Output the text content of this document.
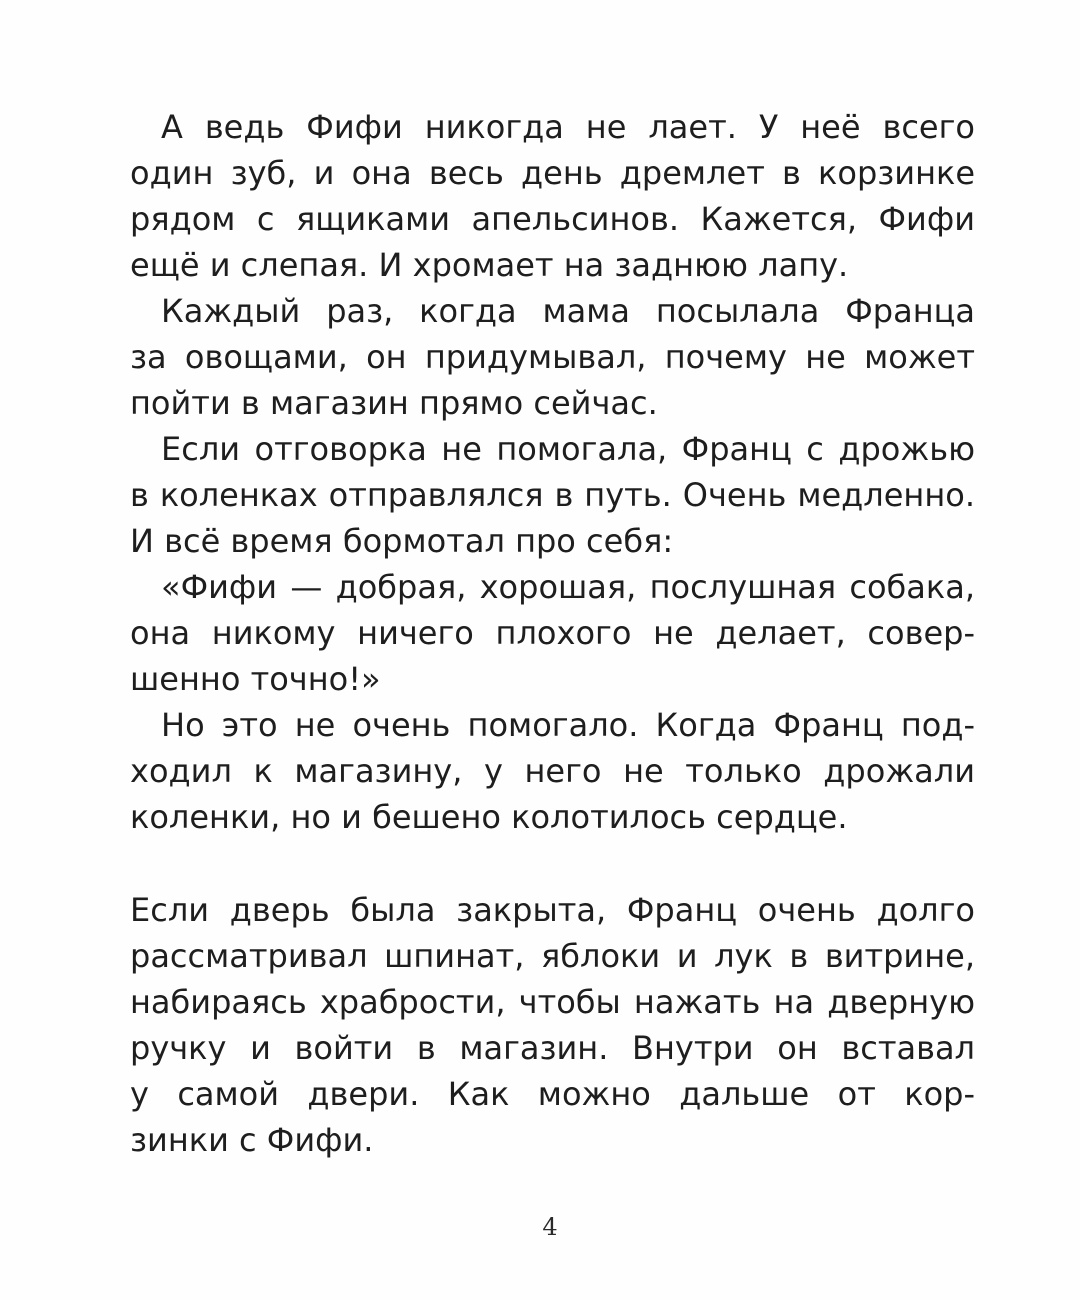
А ведь Фифи никогда не лает. У неё всего
один зуб, и она весь день дремлет в корзинке
рядом с ящиками апельсинов. Кажется, Фифи
ещё и слепая. И хромает на заднюю лапу.
Каждый раз, когда мама посылала Франца
за овощами, он придумывал, почему не может
пойти в магазин прямо сейчас.
Если отговорка не помогала, Франц с дрожью
в коленках отправлялся в путь. Очень медленно.
И всё время бормотал про себя:
«Фифи — добрая, хорошая, послушная собака,
она никому ничего плохого не делает, совер-
шенно точно!»
Но это не очень помогало. Когда Франц под-
ходил к магазину, у него не только дрожали
коленки, но и бешено колотилось сердце.
Если дверь была закрыта, Франц очень долго
рассматривал шпинат, яблоки и лук в витрине,
набираясь храбрости, чтобы нажать на дверную
ручку и войти в магазин. Внутри он вставал
у самой двери. Как можно дальше от кор-
зинки с Фифи.
4
